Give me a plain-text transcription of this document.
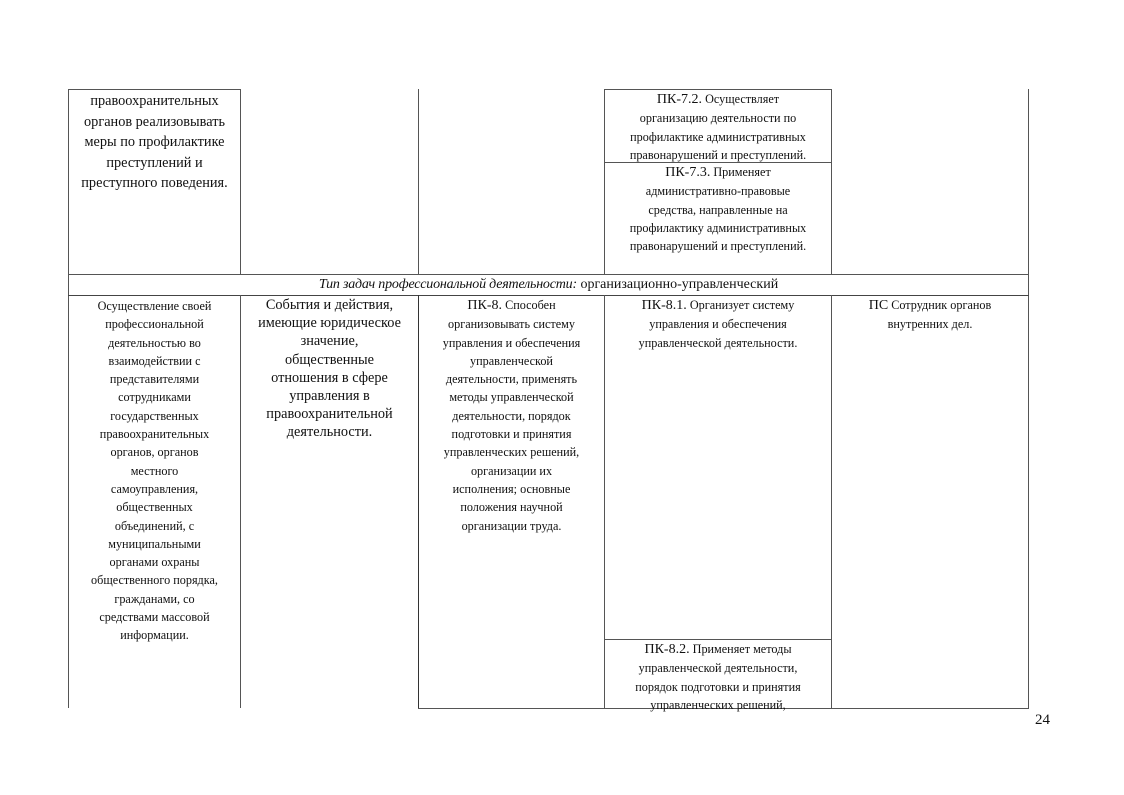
правоохранительных
органов реализовывать
меры по профилактике
преступлений и
преступного поведения.
ПК-7.2. Осуществляет
организацию деятельности по
профилактике административных
правонарушений и преступлений.
ПК-7.3. Применяет
административно-правовые
средства, направленные на
профилактику административных
правонарушений и преступлений.
Тип задач профессиональной деятельности: организационно-управленческий
Осуществление своей
профессиональной
деятельностью во
взаимодействии с
представителями
сотрудниками
государственных
правоохранительных
органов, органов
местного
самоуправления,
общественных
объединений, с
муниципальными
органами охраны
общественного порядка,
гражданами, со
средствами массовой
информации.
События и действия,
имеющие юридическое
значение,
общественные
отношения в сфере
управления в
правоохранительной
деятельности.
ПК-8. Способен
организовывать систему
управления и обеспечения
управленческой
деятельности, применять
методы управленческой
деятельности, порядок
подготовки и принятия
управленческих решений,
организации их
исполнения; основные
положения научной
организации труда.
ПК-8.1. Организует систему
управления и обеспечения
управленческой деятельности.
ПК-8.2. Применяет методы
управленческой деятельности,
порядок подготовки и принятия
управленческих решений,
ПС Сотрудник органов
внутренних дел.
24
